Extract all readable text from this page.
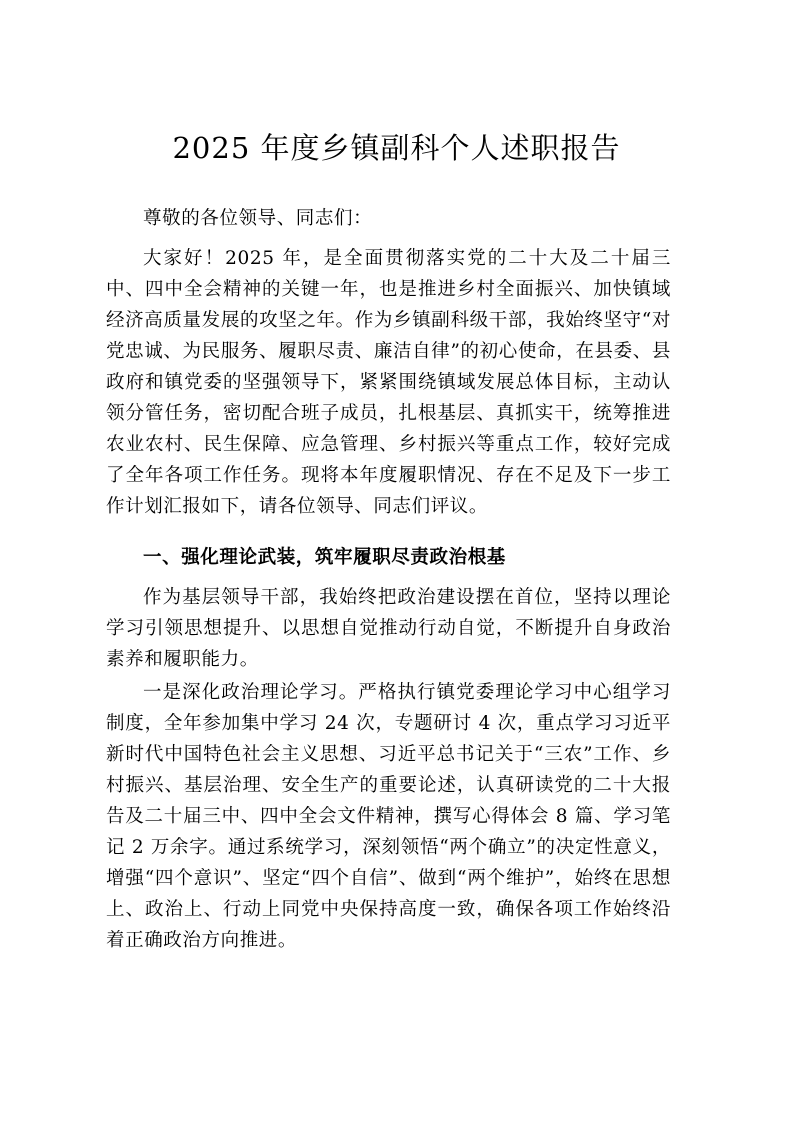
2025 年度乡镇副科个人述职报告

尊敬的各位领导、同志们：

大家好！2025 年，是全面贯彻落实党的二十大及二十届三中、四中全会精神的关键一年，也是推进乡村全面振兴、加快镇域经济高质量发展的攻坚之年。作为乡镇副科级干部，我始终坚守“对党忠诚、为民服务、履职尽责、廉洁自律”的初心使命，在县委、县政府和镇党委的坚强领导下，紧紧围绕镇域发展总体目标，主动认领分管任务，密切配合班子成员，扎根基层、真抓实干，统筹推进农业农村、民生保障、应急管理、乡村振兴等重点工作，较好完成了全年各项工作任务。现将本年度履职情况、存在不足及下一步工作计划汇报如下，请各位领导、同志们评议。

一、强化理论武装，筑牢履职尽责政治根基

作为基层领导干部，我始终把政治建设摆在首位，坚持以理论学习引领思想提升、以思想自觉推动行动自觉，不断提升自身政治素养和履职能力。

一是深化政治理论学习。严格执行镇党委理论学习中心组学习制度，全年参加集中学习 24 次，专题研讨 4 次，重点学习习近平新时代中国特色社会主义思想、习近平总书记关于“三农”工作、乡村振兴、基层治理、安全生产的重要论述，认真研读党的二十大报告及二十届三中、四中全会文件精神，撰写心得体会 8 篇、学习笔记 2 万余字。通过系统学习，深刻领悟“两个确立”的决定性意义，增强“四个意识”、坚定“四个自信”、做到“两个维护”，始终在思想上、政治上、行动上同党中央保持高度一致，确保各项工作始终沿着正确政治方向推进。
